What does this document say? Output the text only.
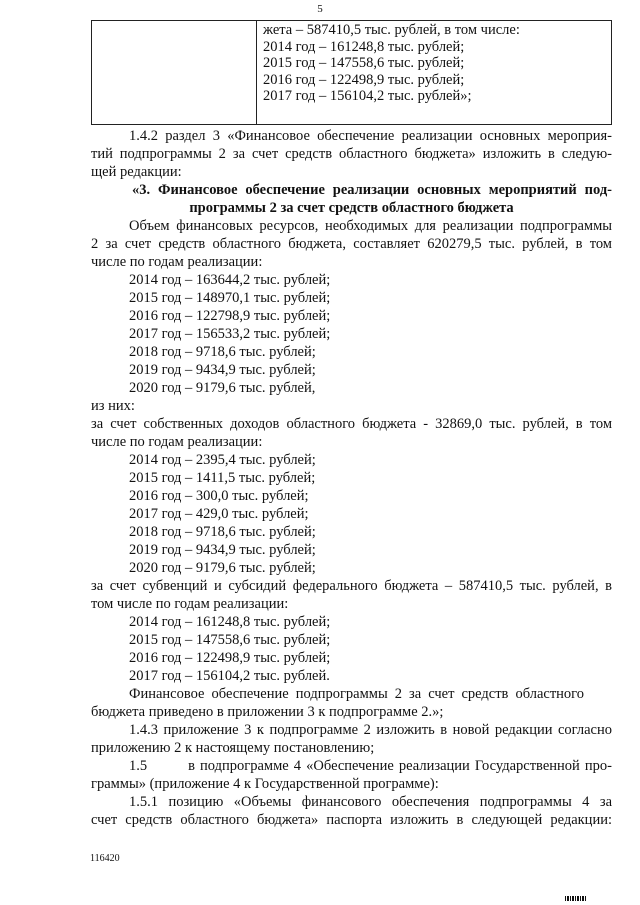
5

жета – 587410,5 тыс. рублей, в том числе:
2014 год – 161248,8 тыс. рублей;
2015 год – 147558,6 тыс. рублей;
2016 год – 122498,9 тыс. рублей;
2017 год – 156104,2 тыс. рублей»;
1.4.2 раздел 3 «Финансовое обеспечение реализации основных мероприя-
тий подпрограммы 2 за счет средств областного бюджета» изложить в следую-
щей редакции:
«3. Финансовое обеспечение реализации основных мероприятий под-
программы 2 за счет средств областного бюджета
Объем финансовых ресурсов, необходимых для реализации подпрограммы
2 за счет средств областного бюджета, составляет 620279,5 тыс. рублей, в том
числе по годам реализации:
2014 год – 163644,2 тыс. рублей;
2015 год – 148970,1 тыс. рублей;
2016 год – 122798,9 тыс. рублей;
2017 год – 156533,2 тыс. рублей;
2018 год – 9718,6 тыс. рублей;
2019 год – 9434,9 тыс. рублей;
2020 год – 9179,6 тыс. рублей,
из них:
за счет собственных доходов областного бюджета - 32869,0 тыс. рублей, в том
числе по годам реализации:
2014 год – 2395,4 тыс. рублей;
2015 год – 1411,5 тыс. рублей;
2016 год – 300,0 тыс. рублей;
2017 год – 429,0 тыс. рублей;
2018 год – 9718,6 тыс. рублей;
2019 год – 9434,9 тыс. рублей;
2020 год – 9179,6 тыс. рублей;
за счет субвенций и субсидий федерального бюджета – 587410,5 тыс. рублей, в
том числе по годам реализации:
2014 год – 161248,8 тыс. рублей;
2015 год – 147558,6 тыс. рублей;
2016 год – 122498,9 тыс. рублей;
2017 год – 156104,2 тыс. рублей.
Финансовое обеспечение подпрограммы 2 за счет средств областного
бюджета приведено в приложении 3 к подпрограмме 2.»;
1.4.3 приложение 3 к подпрограмме 2 изложить в новой редакции согласно
приложению 2 к настоящему постановлению;
1.5        в подпрограмме 4 «Обеспечение реализации Государственной про-
граммы» (приложение 4 к Государственной программе):
1.5.1 позицию «Объемы финансового обеспечения подпрограммы 4 за
счет средств областного бюджета» паспорта изложить в следующей редакции:
116420
